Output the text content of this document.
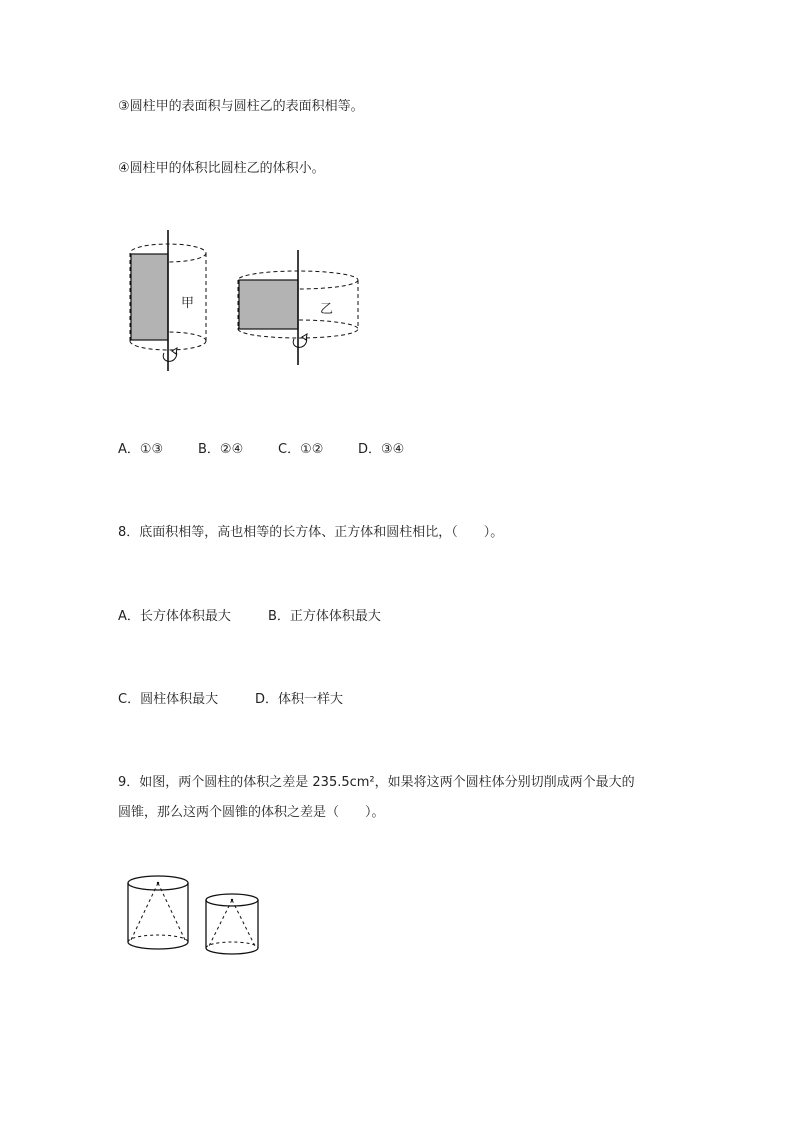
③圆柱甲的表面积与圆柱乙的表面积相等。
④圆柱甲的体积比圆柱乙的体积小。
甲	乙
A．①③	B．②④	C．①②	D．③④
8．底面积相等，高也相等的长方体、正方体和圆柱相比，（　　）。
A．长方体体积最大	B．正方体体积最大
C．圆柱体积最大	D．体积一样大
9．如图，两个圆柱的体积之差是 235.5cm²，如果将这两个圆柱体分别切削成两个最大的
圆锥，那么这两个圆锥的体积之差是（　　）。
